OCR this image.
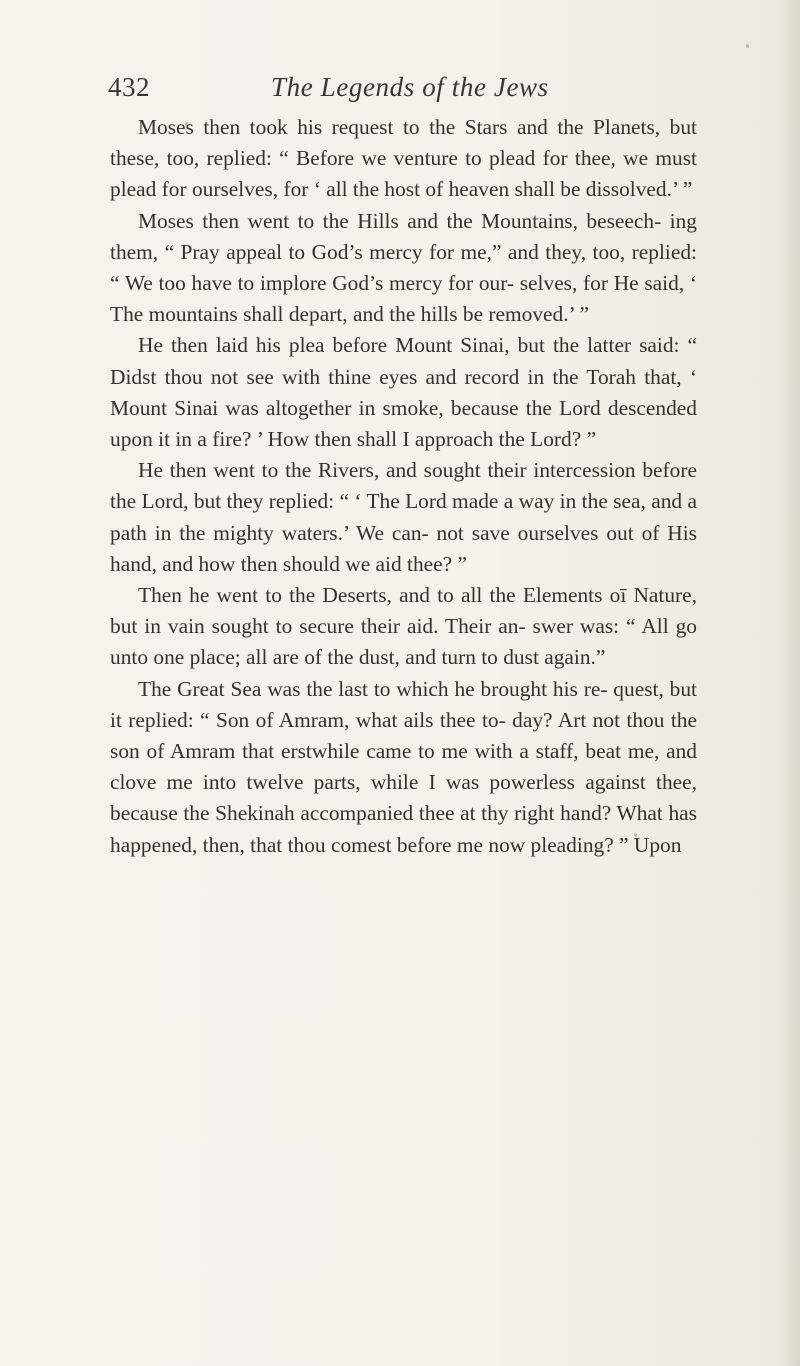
432	The Legends of the Jews

Moses then took his request to the Stars and the Planets, but these, too, replied: “ Before we venture to plead for thee, we must plead for ourselves, for ‘ all the host of heaven shall be dissolved.’ ”

Moses then went to the Hills and the Mountains, beseech- ing them, “ Pray appeal to God’s mercy for me,” and they, too, replied: “ We too have to implore God’s mercy for our- selves, for He said, ‘ The mountains shall depart, and the hills be removed.’ ”

He then laid his plea before Mount Sinai, but the latter said: “ Didst thou not see with thine eyes and record in the Torah that, ‘ Mount Sinai was altogether in smoke, because the Lord descended upon it in a fire? ’ How then shall I approach the Lord? ”

He then went to the Rivers, and sought their intercession before the Lord, but they replied: “ ‘ The Lord made a way in the sea, and a path in the mighty waters.’ We can- not save ourselves out of His hand, and how then should we aid thee? ”

Then he went to the Deserts, and to all the Elements oī Nature, but in vain sought to secure their aid. Their an- swer was: “ All go unto one place; all are of the dust, and turn to dust again.”

The Great Sea was the last to which he brought his re- quest, but it replied: “ Son of Amram, what ails thee to- day? Art not thou the son of Amram that erstwhile came to me with a staff, beat me, and clove me into twelve parts, while I was powerless against thee, because the Shekinah accompanied thee at thy right hand? What has happened, then, that thou comest before me now pleading? ” Upon
